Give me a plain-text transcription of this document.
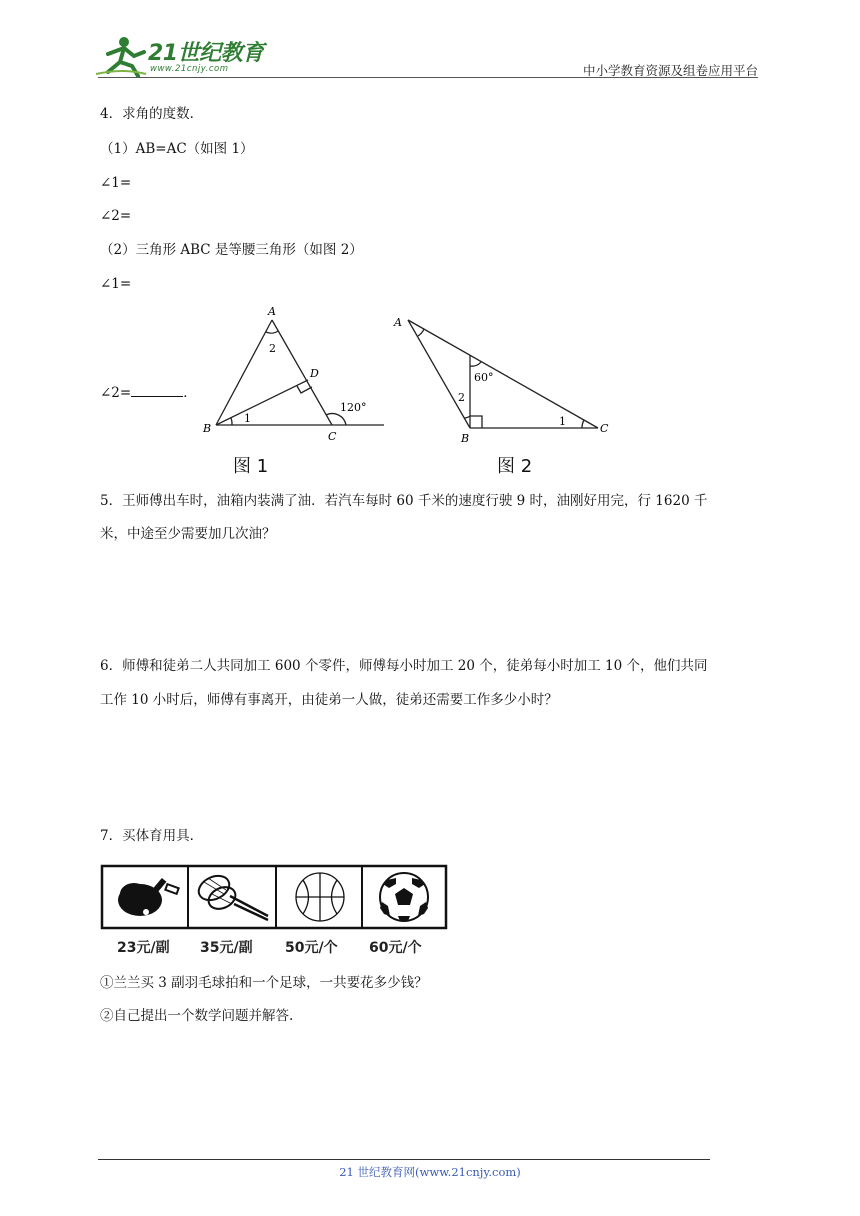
21世纪教育
www.21cnjy.com	中小学教育资源及组卷应用平台
4．求角的度数．
（1）AB=AC（如图 1）
∠1=
∠2=
（2）三角形 ABC 是等腰三角形（如图 2）
∠1=
∠2=	．
A
B
C
D
1
2
120°
图 1
A
B
C
1
2
60°
图 2
5．王师傅出车时，油箱内装满了油．若汽车每时 60 千米的速度行驶 9 时，油刚好用完，行 1620 千
米，中途至少需要加几次油？
6．师傅和徒弟二人共同加工 600 个零件，师傅每小时加工 20 个，徒弟每小时加工 10 个，他们共同
工作 10 小时后，师傅有事离开，由徒弟一人做，徒弟还需要工作多少小时？
7．买体育用具．
23元/副 35元/副 50元/个 60元/个
①兰兰买 3 副羽毛球拍和一个足球，一共要花多少钱？
②自己提出一个数学问题并解答.
21 世纪教育网(www.21cnjy.com)
